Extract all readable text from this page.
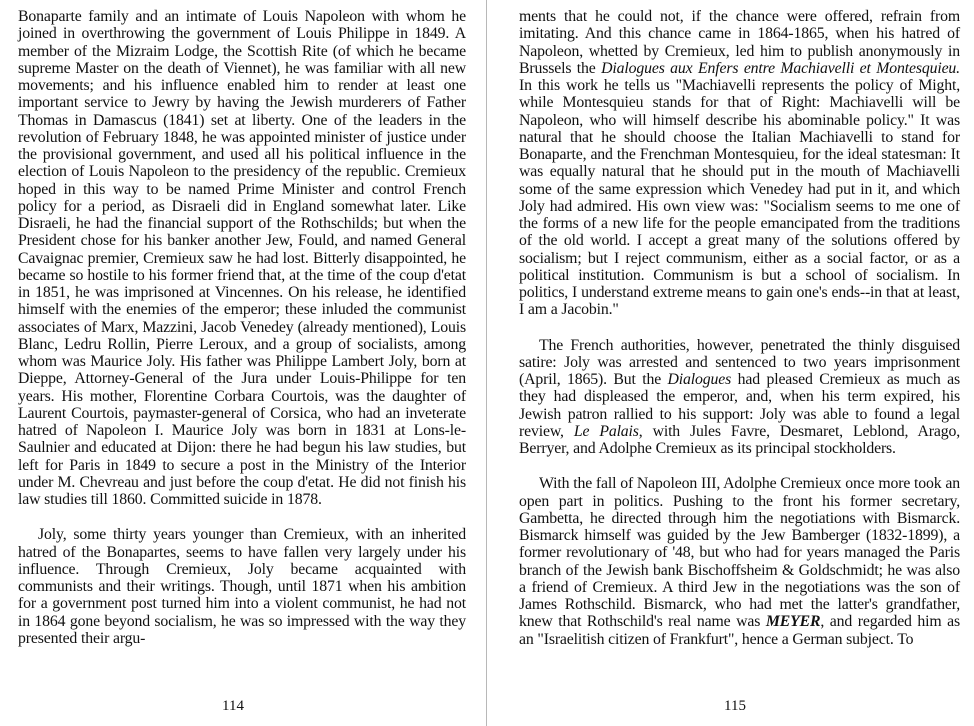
Bonaparte family and an intimate of Louis Napoleon with whom he joined in overthrowing the government of Louis Philippe in 1849. A member of the Mizraim Lodge, the Scottish Rite (of which he became supreme Master on the death of Viennet), he was familiar with all new movements; and his influence enabled him to render at least one important service to Jewry by having the Jewish murderers of Father Thomas in Damascus (1841) set at liberty. One of the leaders in the revolution of February 1848, he was appointed minister of justice under the provisional government, and used all his political influence in the election of Louis Napoleon to the presidency of the republic. Cremieux hoped in this way to be named Prime Minister and control French policy for a period, as Disraeli did in England somewhat later. Like Disraeli, he had the financial support of the Rothschilds; but when the President chose for his banker another Jew, Fould, and named General Cavaignac premier, Cremieux saw he had lost. Bitterly disappointed, he became so hostile to his former friend that, at the time of the coup d'etat in 1851, he was imprisoned at Vincennes. On his release, he identified himself with the enemies of the emperor; these inluded the communist associates of Marx, Mazzini, Jacob Venedey (already mentioned), Louis Blanc, Ledru Rollin, Pierre Leroux, and a group of socialists, among whom was Maurice Joly. His father was Philippe Lambert Joly, born at Dieppe, Attorney-General of the Jura under Louis-Philippe for ten years. His mother, Florentine Corbara Courtois, was the daughter of Laurent Courtois, paymaster-general of Corsica, who had an inveterate hatred of Napoleon I. Maurice Joly was born in 1831 at Lons-le-Saulnier and educated at Dijon: there he had begun his law studies, but left for Paris in 1849 to secure a post in the Ministry of the Interior under M. Chevreau and just before the coup d'etat. He did not finish his law studies till 1860. Committed suicide in 1878.

Joly, some thirty years younger than Cremieux, with an inherited hatred of the Bonapartes, seems to have fallen very largely under his influence. Through Cremieux, Joly became acquainted with communists and their writings. Though, until 1871 when his ambition for a government post turned him into a violent communist, he had not in 1864 gone beyond socialism, he was so impressed with the way they presented their argu-

ments that he could not, if the chance were offered, refrain from imitating. And this chance came in 1864-1865, when his hatred of Napoleon, whetted by Cremieux, led him to publish anonymously in Brussels the Dialogues aux Enfers entre Machiavelli et Montesquieu. In this work he tells us "Machiavelli represents the policy of Might, while Montesquieu stands for that of Right: Machiavelli will be Napoleon, who will himself describe his abominable policy." It was natural that he should choose the Italian Machiavelli to stand for Bonaparte, and the Frenchman Montesquieu, for the ideal statesman: It was equally natural that he should put in the mouth of Machiavelli some of the same expression which Venedey had put in it, and which Joly had admired. His own view was: "Socialism seems to me one of the forms of a new life for the people emancipated from the traditions of the old world. I accept a great many of the solutions offered by socialism; but I reject communism, either as a social factor, or as a political institution. Communism is but a school of socialism. In politics, I understand extreme means to gain one's ends--in that at least, I am a Jacobin."

The French authorities, however, penetrated the thinly disguised satire: Joly was arrested and sentenced to two years imprisonment (April, 1865). But the Dialogues had pleased Cremieux as much as they had displeased the emperor, and, when his term expired, his Jewish patron rallied to his support: Joly was able to found a legal review, Le Palais, with Jules Favre, Desmaret, Leblond, Arago, Berryer, and Adolphe Cremieux as its principal stockholders.

With the fall of Napoleon III, Adolphe Cremieux once more took an open part in politics. Pushing to the front his former secretary, Gambetta, he directed through him the negotiations with Bismarck. Bismarck himself was guided by the Jew Bamberger (1832-1899), a former revolutionary of '48, but who had for years managed the Paris branch of the Jewish bank Bischoffsheim & Goldschmidt; he was also a friend of Cremieux. A third Jew in the negotiations was the son of James Rothschild. Bismarck, who had met the latter's grandfather, knew that Rothschild's real name was MEYER, and regarded him as an "Israelitish citizen of Frankfurt", hence a German subject. To

114	115
